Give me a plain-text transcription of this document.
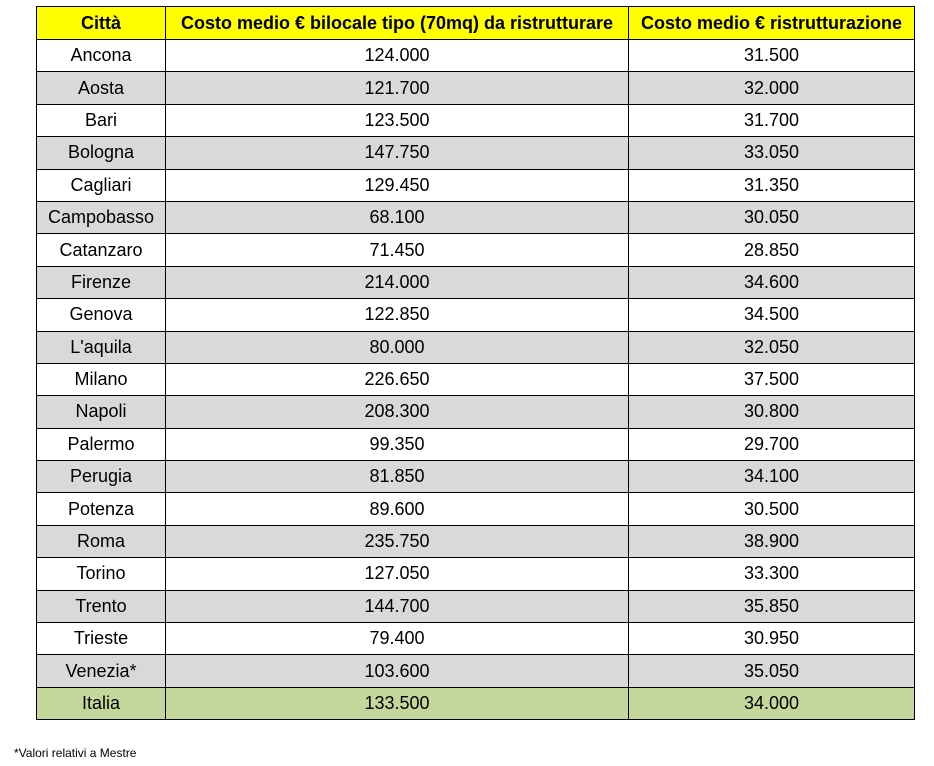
Città	Costo medio € bilocale tipo (70mq) da ristrutturare	Costo medio € ristrutturazione
Ancona	124.000	31.500
Aosta	121.700	32.000
Bari	123.500	31.700
Bologna	147.750	33.050
Cagliari	129.450	31.350
Campobasso	68.100	30.050
Catanzaro	71.450	28.850
Firenze	214.000	34.600
Genova	122.850	34.500
L'aquila	80.000	32.050
Milano	226.650	37.500
Napoli	208.300	30.800
Palermo	99.350	29.700
Perugia	81.850	34.100
Potenza	89.600	30.500
Roma	235.750	38.900
Torino	127.050	33.300
Trento	144.700	35.850
Trieste	79.400	30.950
Venezia*	103.600	35.050
Italia	133.500	34.000
*Valori relativi a Mestre
